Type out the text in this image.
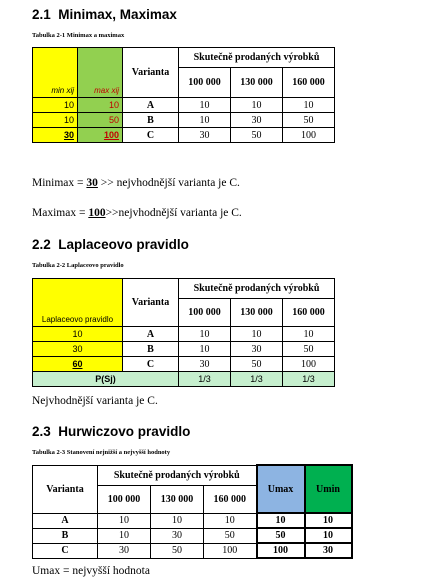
2.1 Minimax, Maximax
Tabulka 2-1 Minimax a maximax
min xij	max xij	Varianta	Skutečně prodaných výrobků		
			100 000	130 000	160 000
10	10	A	10	10	10
10	50	B	10	30	50
30	100	C	30	50	100
Minimax = 30 >> nejvhodnější varianta je C.
Maximax = 100>>nejvhodnější varianta je C.
2.2 Laplaceovo pravidlo
Tabulka 2-2 Laplaceovo pravidlo
Laplaceovo pravidlo	Varianta	Skutečně prodaných výrobků		
		100 000	130 000	160 000
10	A	10	10	10
30	B	10	30	50
60	C	30	50	100
P(Sj)		1/3	1/3	1/3
Nejvhodnější varianta je C.
2.3 Hurwiczovo pravidlo
Tabulka 2-3 Stanovení nejnižší a nejvyšší hodnoty
Varianta	Skutečně prodaných výrobků			Umax	Umin
	100 000	130 000	160 000		
A	10	10	10	10	10
B	10	30	50	50	10
C	30	50	100	100	30
Umax = nejvyšší hodnota
